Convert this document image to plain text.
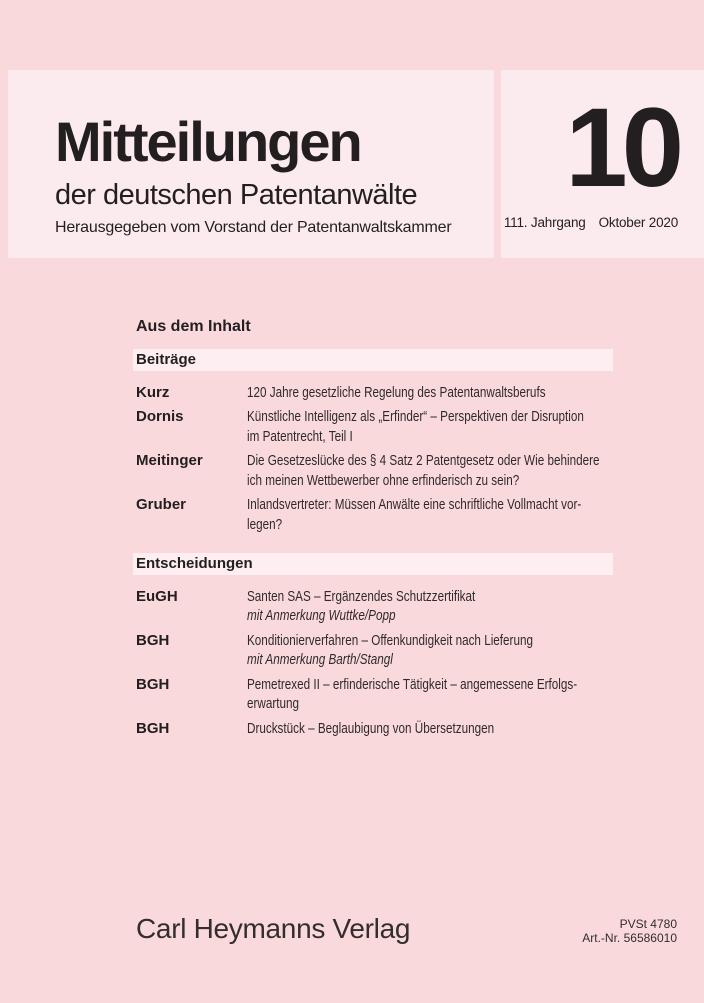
Mitteilungen
der deutschen Patentanwälte
Herausgegeben vom Vorstand der Patentanwaltskammer
10
111. Jahrgang Oktober 2020
Aus dem Inhalt
Beiträge
Kurz	120 Jahre gesetzliche Regelung des Patentanwaltsberufs
Dornis	Künstliche Intelligenz als „Erfinder“ – Perspektiven der Disruption
im Patentrecht, Teil I
Meitinger	Die Gesetzeslücke des § 4 Satz 2 Patentgesetz oder Wie behindere
ich meinen Wettbewerber ohne erfinderisch zu sein?
Gruber	Inlandsvertreter: Müssen Anwälte eine schriftliche Vollmacht vor-
legen?
Entscheidungen
EuGH	Santen SAS – Ergänzendes Schutzzertifikat
mit Anmerkung Wuttke/Popp
BGH	Konditionierverfahren – Offenkundigkeit nach Lieferung
mit Anmerkung Barth/Stangl
BGH	Pemetrexed II – erfinderische Tätigkeit – angemessene Erfolgs-
erwartung
BGH	Druckstück – Beglaubigung von Übersetzungen
Carl Heymanns Verlag	PVSt 4780
Art.-Nr. 56586010
